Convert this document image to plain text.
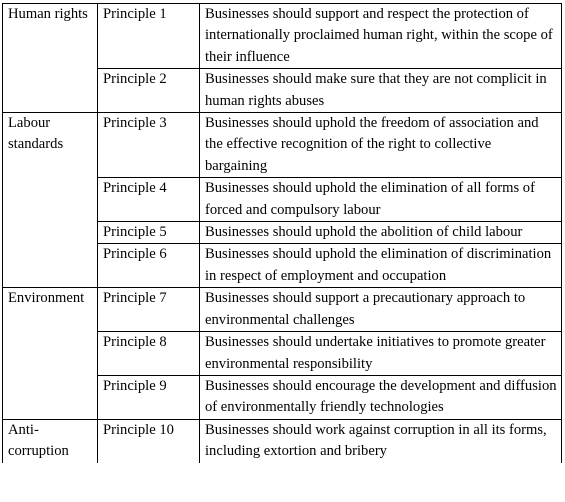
Human rights	Principle 1	Businesses should support and respect the protection of internationally proclaimed human right, within the scope of their influence
	Principle 2	Businesses should make sure that they are not complicit in human rights abuses
Labour standards	Principle 3	Businesses should uphold the freedom of association and the effective recognition of the right to collective bargaining
	Principle 4	Businesses should uphold the elimination of all forms of forced and compulsory labour
	Principle 5	Businesses should uphold the abolition of child labour
	Principle 6	Businesses should uphold the elimination of discrimination in respect of employment and occupation
Environment	Principle 7	Businesses should support a precautionary approach to environmental challenges
	Principle 8	Businesses should undertake initiatives to promote greater environmental responsibility
	Principle 9	Businesses should encourage the development and diffusion of environmentally friendly technologies
Anti-corruption	Principle 10	Businesses should work against corruption in all its forms, including extortion and bribery
